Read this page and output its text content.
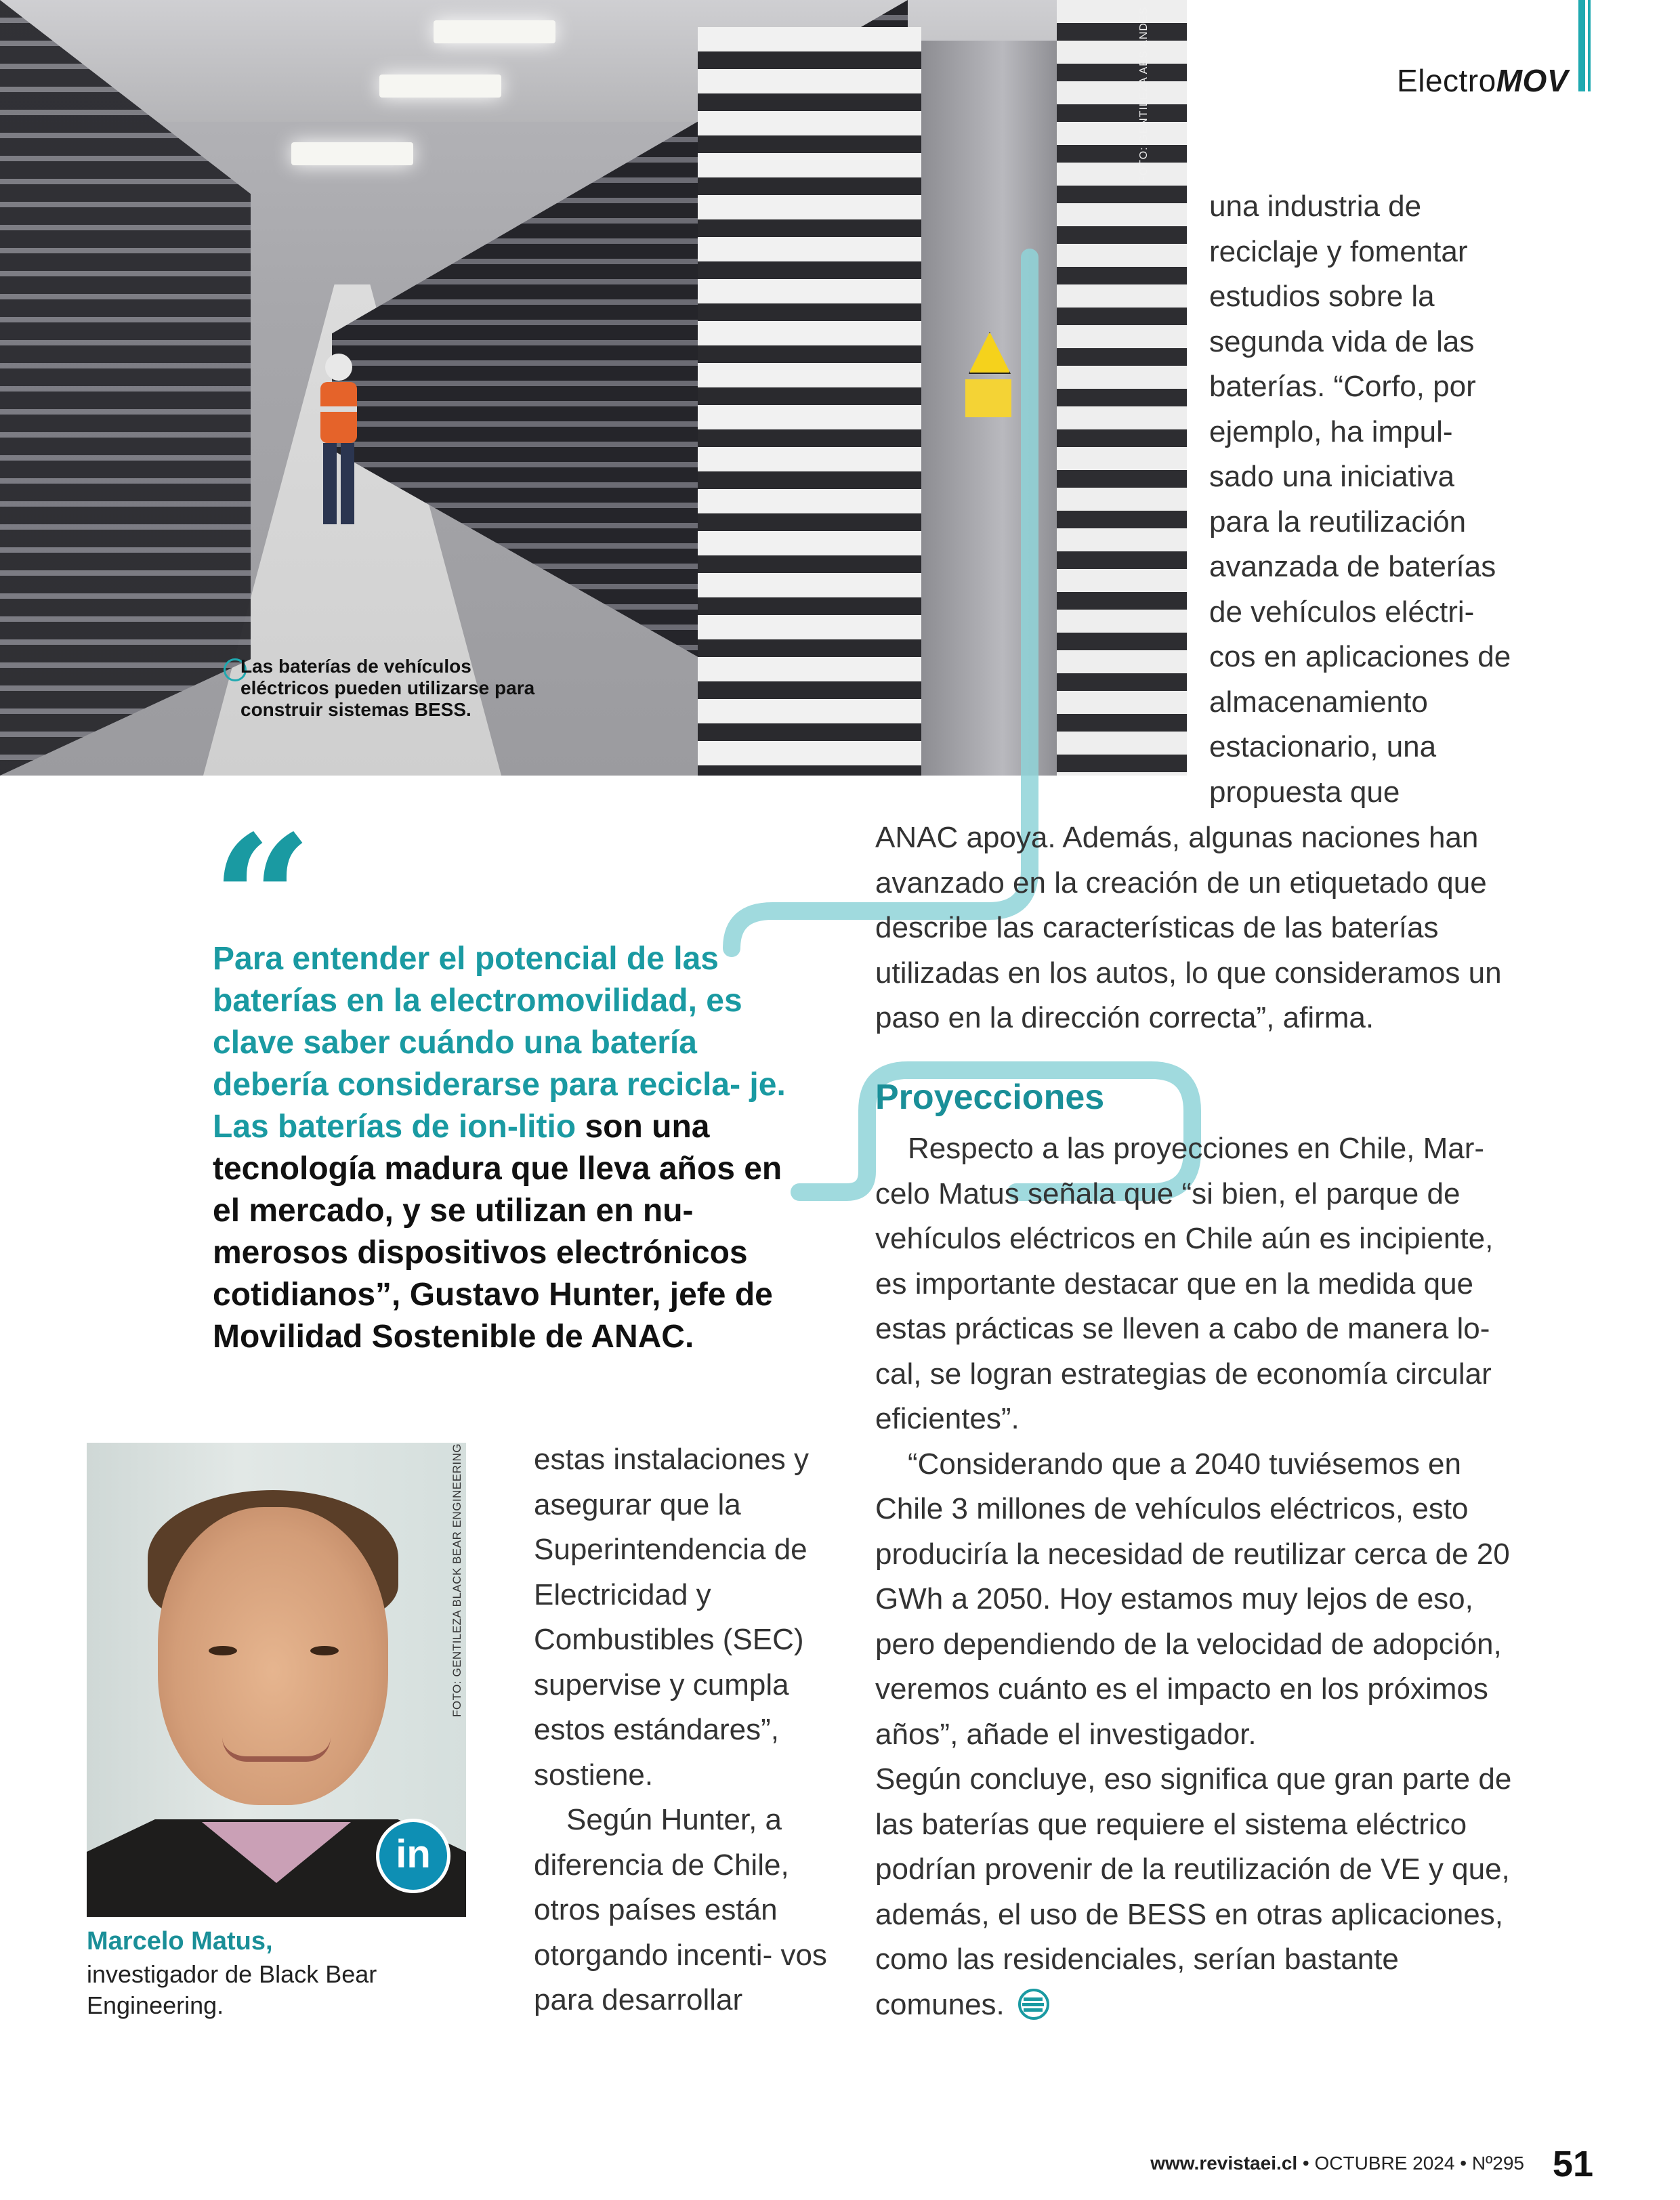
ElectroMOV
FOTO: GENTILEZA AES ANDES
Las baterías de vehículos eléctricos pueden utilizarse para construir sistemas BESS.

una industria de reciclaje y fomentar estudios sobre la segunda vida de las baterías. “Corfo, por ejemplo, ha impul- sado una iniciativa para la reutilización avanzada de baterías de vehículos eléctri- cos en aplicaciones de almacenamiento estacionario, una propuesta que

ANAC apoya. Además, algunas naciones han avanzado en la creación de un etiquetado que describe las características de las baterías utilizadas en los autos, lo que consideramos un paso en la dirección correcta”, afirma.

Proyecciones

Respecto a las proyecciones en Chile, Mar- celo Matus señala que “si bien, el parque de vehículos eléctricos en Chile aún es incipiente, es importante destacar que en la medida que estas prácticas se lleven a cabo de manera lo- cal, se logran estrategias de economía circular eficientes”.

“Considerando que a 2040 tuviésemos en Chile 3 millones de vehículos eléctricos, esto produciría la necesidad de reutilizar cerca de 20 GWh a 2050. Hoy estamos muy lejos de eso, pero dependiendo de la velocidad de adopción, veremos cuánto es el impacto en los próximos años”, añade el investigador.

Según concluye, eso significa que gran parte de las baterías que requiere el sistema eléctrico podrían provenir de la reutilización de VE y que, además, el uso de BESS en otras aplicaciones, como las residenciales, serían bastante comunes.

“
Para entender el potencial de las baterías en la electromovilidad, es clave saber cuándo una batería debería considerarse para recicla- je. Las baterías de ion-litio son una tecnología madura que lleva años en el mercado, y se utilizan en nu- merosos dispositivos electrónicos cotidianos”, Gustavo Hunter, jefe de Movilidad Sostenible de ANAC.
in
FOTO: GENTILEZA BLACK BEAR ENGINEERING
Marcelo Matus,
investigador de Black Bear Engineering.

estas instalaciones y asegurar que la Superintendencia de Electricidad y Combustibles (SEC) supervise y cumpla estos estándares”, sostiene.

Según Hunter, a diferencia de Chile, otros países están otorgando incenti- vos para desarrollar

www.revistaei.cl • OCTUBRE 2024 • Nº295 51
